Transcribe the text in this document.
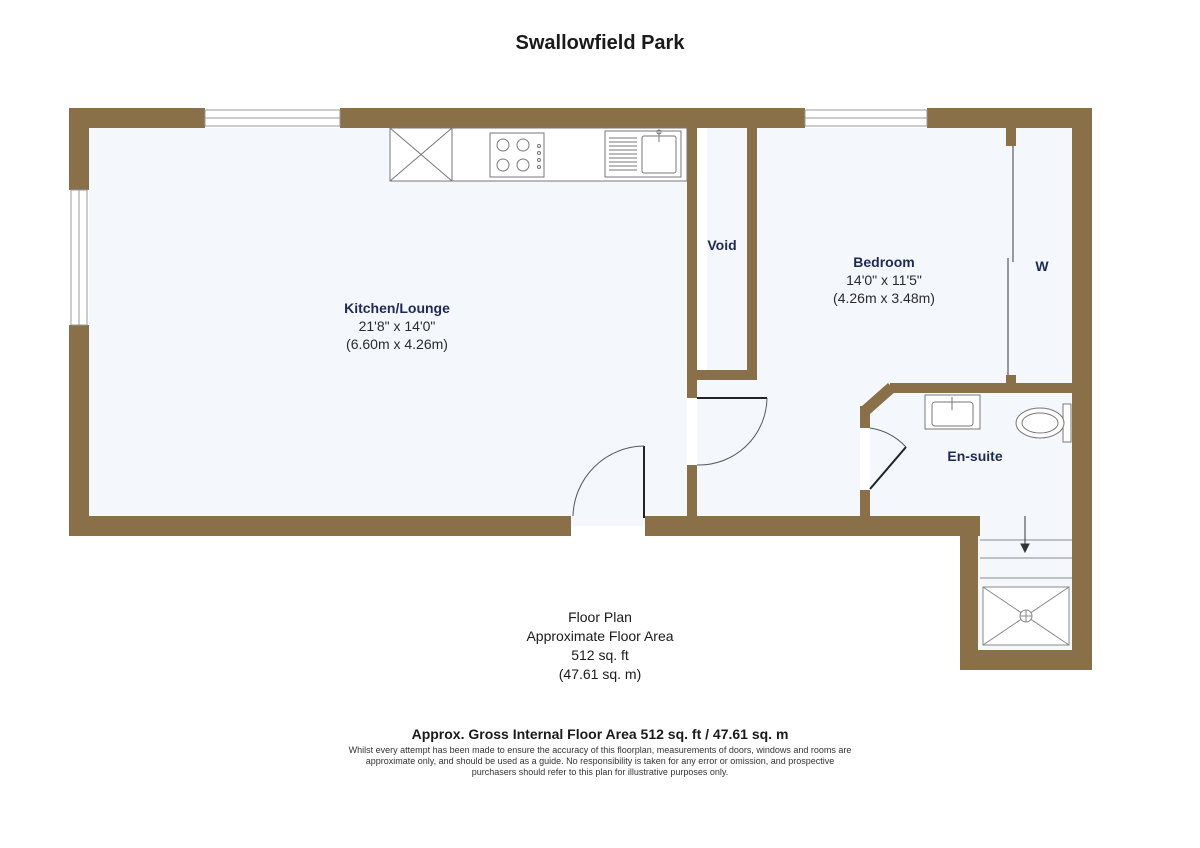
Swallowfield Park
Kitchen/Lounge
21'8" x 14'0"
(6.60m x 4.26m)
Void
Bedroom
14'0" x 11'5"
(4.26m x 3.48m)
W
En-suite
Floor Plan
Approximate Floor Area
512 sq. ft
(47.61 sq. m)
Approx. Gross Internal Floor Area 512 sq. ft / 47.61 sq. m
Whilst every attempt has been made to ensure the accuracy of this floorplan, measurements of doors, windows and rooms are
approximate only, and should be used as a guide. No responsibility is taken for any error or omission, and prospective
purchasers should refer to this plan for illustrative purposes only.
